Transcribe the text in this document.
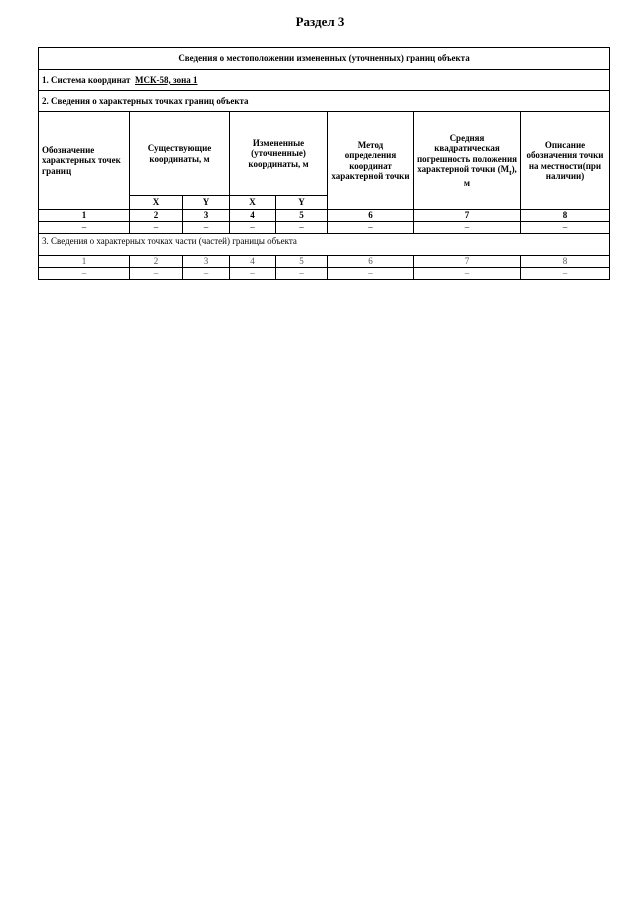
Раздел 3
Сведения о местоположении измененных (уточненных) границ объекта							
1. Система координат МСК-58, зона 1							
2. Сведения о характерных точках границ объекта							
Обозначение характерных точек границ	Существующие координаты, м		Измененные (уточненные) координаты, м		Метод определения координат характерной точки	Средняя квадратическая погрешность положения характерной точки $(M_t)$, м	Описание обозначения точки на местности(при наличии)
	X	Y	X	Y			
1	2	3	4	5	6	7	8
–	–	–	–	–	–	–	–
3. Сведения о характерных точках части (частей) границы объекта							
1	2	3	4	5	6	7	8
–	–	–	–	–	–	–	–
